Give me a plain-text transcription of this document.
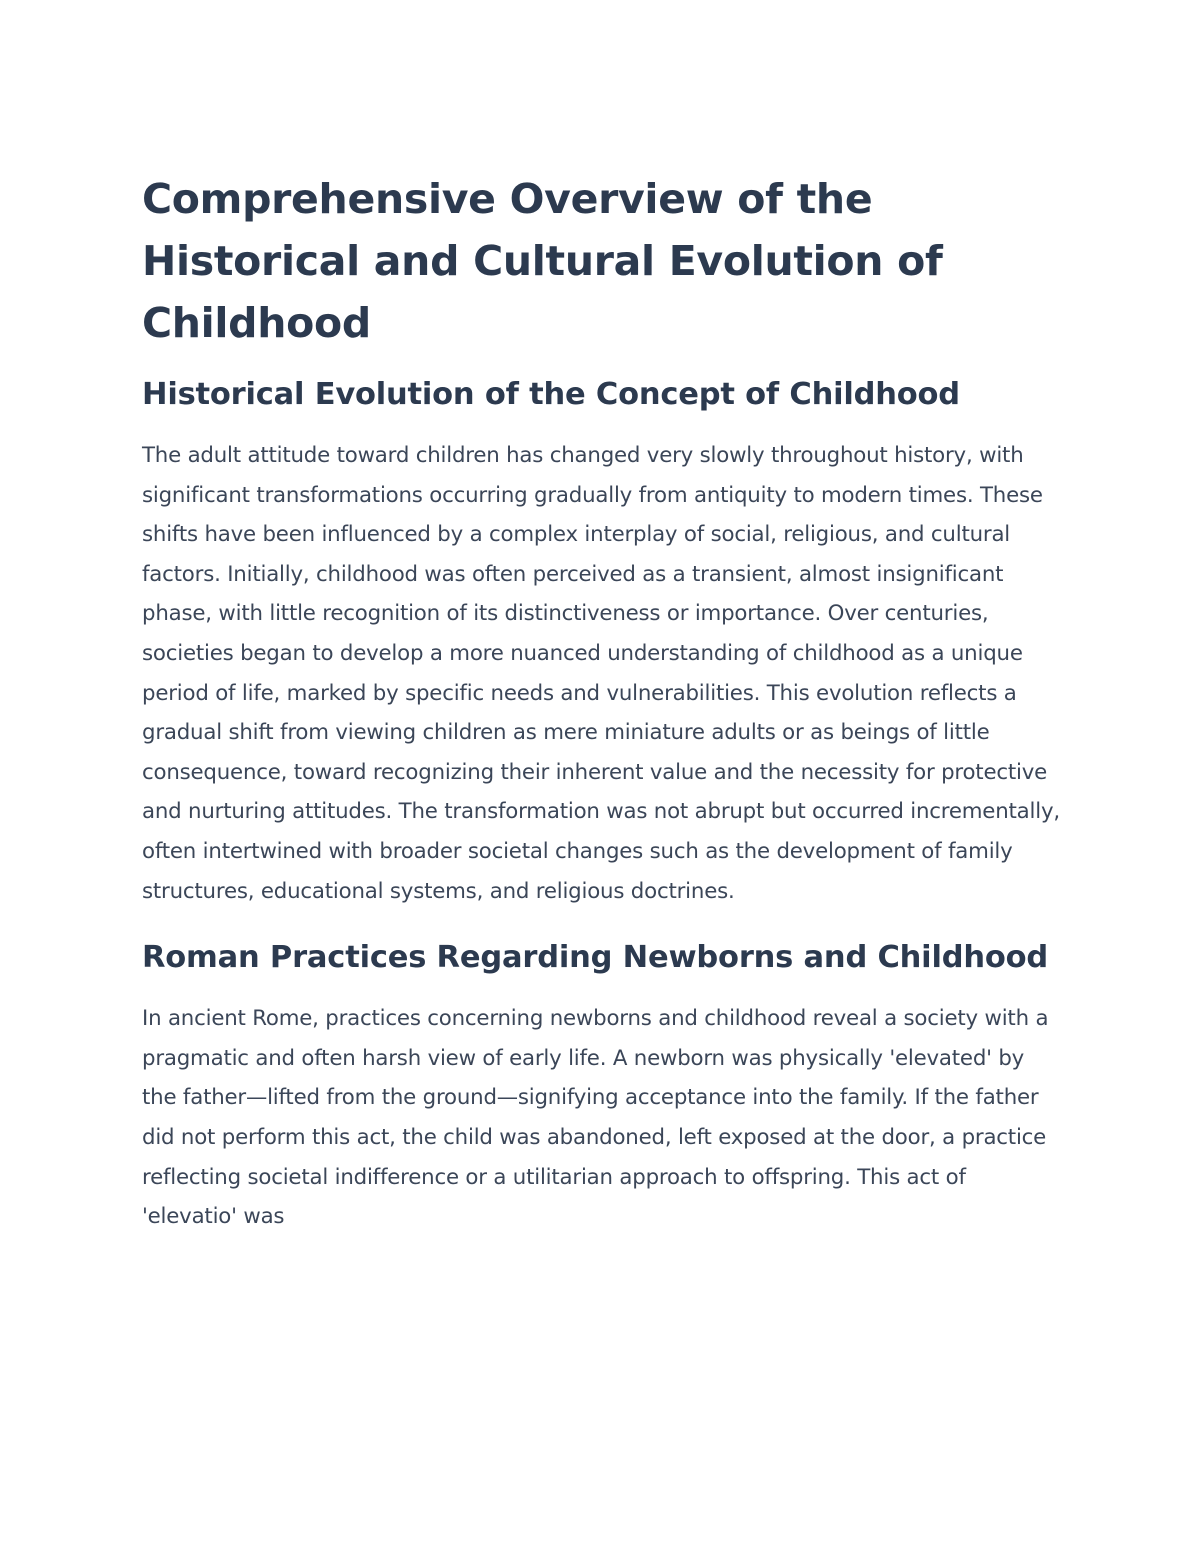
Comprehensive Overview of the Historical and Cultural Evolution of Childhood
Historical Evolution of the Concept of Childhood

The adult attitude toward children has changed very slowly throughout history, with significant transformations occurring gradually from antiquity to modern times. These shifts have been influenced by a complex interplay of social, religious, and cultural factors. Initially, childhood was often perceived as a transient, almost insignificant phase, with little recognition of its distinctiveness or importance. Over centuries, societies began to develop a more nuanced understanding of childhood as a unique period of life, marked by specific needs and vulnerabilities. This evolution reflects a gradual shift from viewing children as mere miniature adults or as beings of little consequence, toward recognizing their inherent value and the necessity for protective and nurturing attitudes. The transformation was not abrupt but occurred incrementally, often intertwined with broader societal changes such as the development of family structures, educational systems, and religious doctrines.

Roman Practices Regarding Newborns and Childhood

In ancient Rome, practices concerning newborns and childhood reveal a society with a pragmatic and often harsh view of early life. A newborn was physically 'elevated' by the father—lifted from the ground—signifying acceptance into the family. If the father did not perform this act, the child was abandoned, left exposed at the door, a practice reflecting societal indifference or a utilitarian approach to offspring. This act of 'elevatio' was
